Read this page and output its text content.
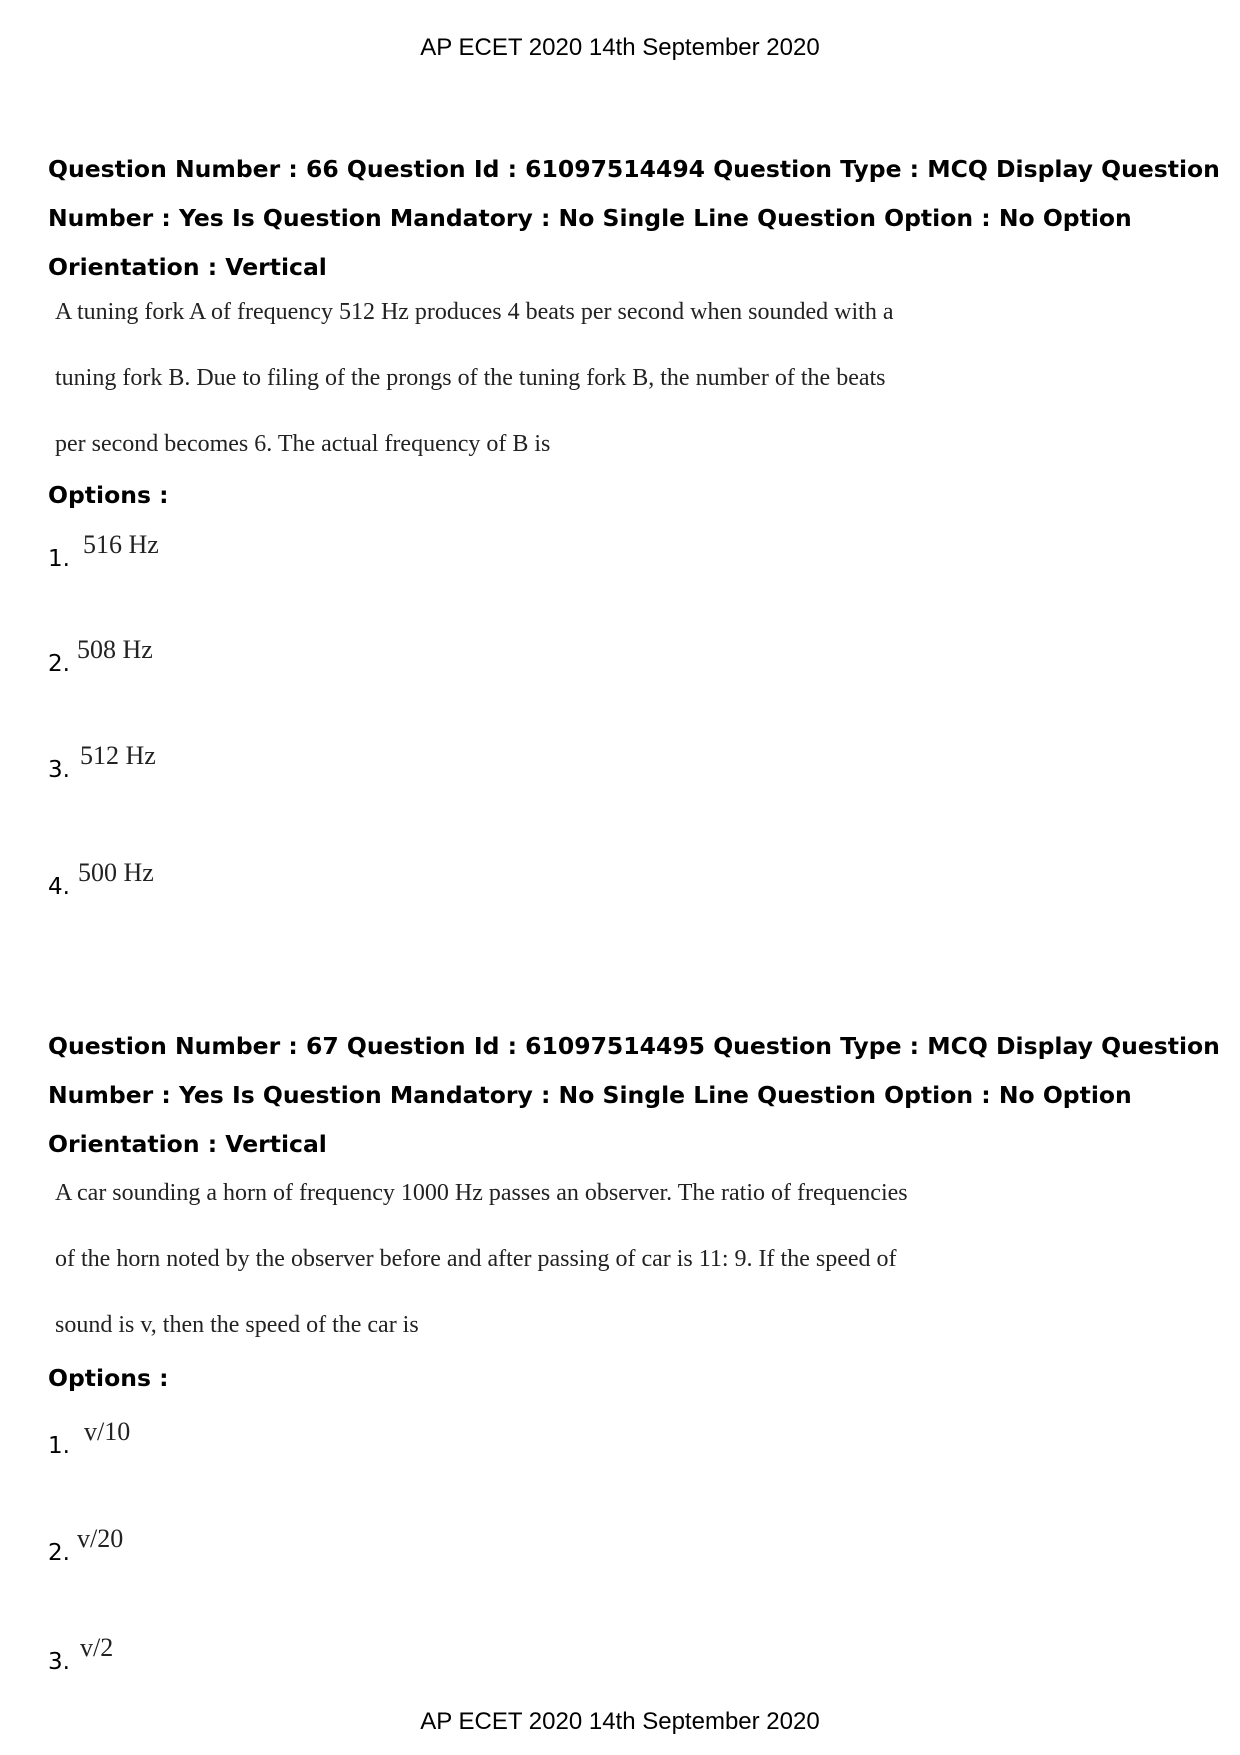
AP ECET 2020 14th September 2020
Question Number : 66 Question Id : 61097514494 Question Type : MCQ Display Question
Number : Yes Is Question Mandatory : No Single Line Question Option : No Option
Orientation : Vertical
A tuning fork A of frequency 512 Hz produces 4 beats per second when sounded with a
tuning fork B. Due to filing of the prongs of the tuning fork B, the number of the beats
per second becomes 6. The actual frequency of B is
Options :
1. 516 Hz
2. 508 Hz
3. 512 Hz
4. 500 Hz
Question Number : 67 Question Id : 61097514495 Question Type : MCQ Display Question
Number : Yes Is Question Mandatory : No Single Line Question Option : No Option
Orientation : Vertical
A car sounding a horn of frequency 1000 Hz passes an observer. The ratio of frequencies
of the horn noted by the observer before and after passing of car is 11: 9. If the speed of
sound is v, then the speed of the car is
Options :
1. v/10
2. v/20
3. v/2
AP ECET 2020 14th September 2020
